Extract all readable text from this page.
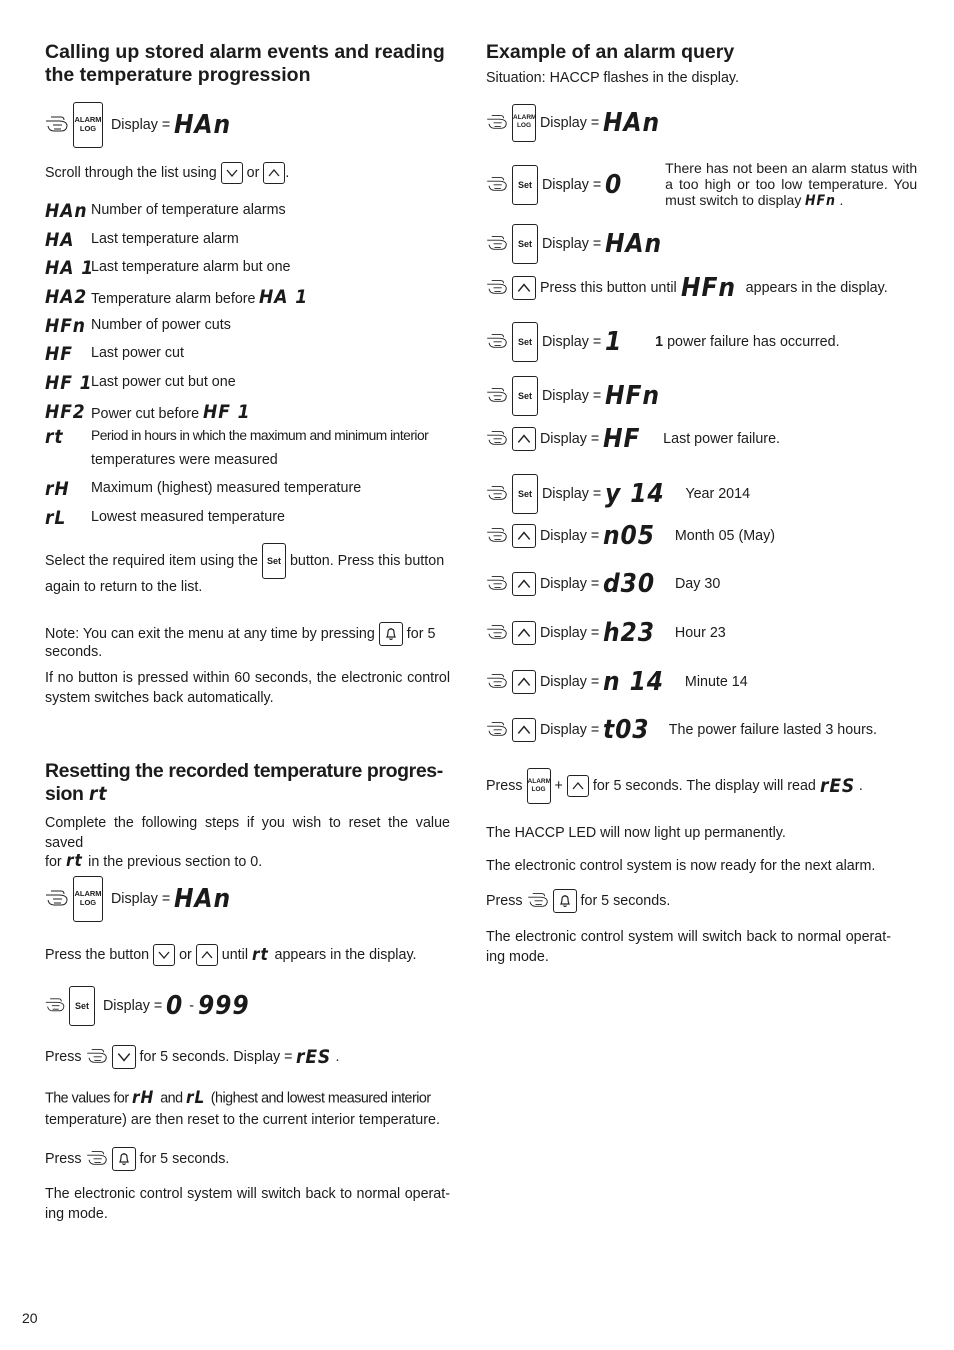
Calling up stored alarm events and reading the temperature progression
ALARM
LOG Display = HAn
Scroll through the list using or .
HAn Number of temperature alarms
HA Last temperature alarm
HA 1
Last temperature alarm but one
HA2 Temperature alarm before HA 1
HFn Number of power cuts
HF Last power cut
HF 1
Last power cut but one
HF2 Power cut before HF 1
rt Period in hours in which the maximum and minimum interior
temperatures were measured
rH Maximum (highest) measured temperature
rL Lowest measured temperature
Select the required item using the Set button. Press this button
again to return to the list.
Note: You can exit the menu at any time by pressing for 5
seconds.
If no button is pressed within 60 seconds, the electronic control system switches back automatically.
Resetting the recorded temperature progres-
sion rt
Complete the following steps if you wish to reset the value saved
for rt in the previous section to 0.
ALARM
LOG Display = HAn
Press the button or until rt appears in the display.
Set Display = 0 - 999
Press	for 5 seconds. Display = rES .
The values for rH and rL (highest and lowest measured interior
temperature) are then reset to the current interior temperature.
Press	for 5 seconds.
The electronic control system will switch back to normal operat-ing mode.
Example of an alarm query
Situation: HACCP flashes in the display.
ALARM
LOG Display = HAn
Set Display = 0There has not been an alarm status with a too high or too low temperature. You must switch to display HFn .
Set Display = HAn
Press this button until HFn appears in the display.
Set Display = 1 1 power failure has occurred.
Set Display = HFn
Display = HF Last power failure.
Set Display = y 14 Year 2014
Display = n05 Month 05 (May)
Display = d30 Day 30
Display = h23 Hour 23
Display = n 14 Minute 14
Display = t03 The power failure lasted 3 hours.
Press ALARM
LOG + for 5 seconds. The display will read rES .
The HACCP LED will now light up permanently.
The electronic control system is now ready for the next alarm.
Press	for 5 seconds.
The electronic control system will switch back to normal operat-ing mode.
20
